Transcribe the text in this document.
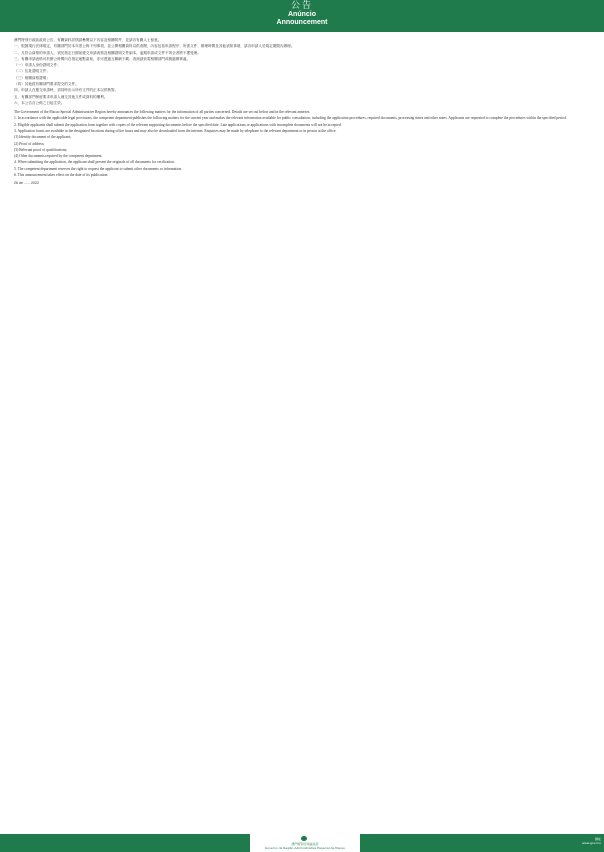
公告
Anúncio
Announcement

澳門特別行政區政府公告，有關資料詳情請參閱以下內容及相關附件，並請各有關人士留意。

一、根據現行法律規定，有關部門於本年度公佈下列事項，並公開相關資料以供查閱，內容包括申請程序、所需文件、辦理時間及其他須知事項，請各申請人於規定期限內辦理。

二、凡符合資格的申請人，須於指定日期前遞交申請表格及相關證明文件副本，逾期申請或文件不齊全者將不獲受理。

三、有關申請表格可於辦公時間內在指定地點索取，亦可透過互聯網下載；查詢請致電相關部門或親臨辦事處。

（一）申請人身份證明文件；

（二）住址證明文件；

（三）相關資格證明；

（四）其他經有關部門要求提交的文件。

四、申請人在遞交申請時，須同時出示所有文件的正本以供核對。

五、有關部門保留要求申請人補交其他文件或資料的權利。

六、本公告自公佈之日起生效。

The Government of the Macao Special Administrative Region hereby announces the following matters for the information of all parties concerned. Details are set out below and in the relevant annexes.

1. In accordance with the applicable legal provisions, the competent department publishes the following matters for the current year and makes the relevant information available for public consultation, including the application procedures, required documents, processing times and other notes. Applicants are requested to complete the procedures within the specified period.

2. Eligible applicants shall submit the application form together with copies of the relevant supporting documents before the specified date. Late applications or applications with incomplete documents will not be accepted.

3. Application forms are available at the designated locations during office hours and may also be downloaded from the internet. Enquiries may be made by telephone to the relevant department or in person at the office.

(1) Identity document of the applicant;

(2) Proof of address;

(3) Relevant proof of qualifications;

(4) Other documents required by the competent department.

4. When submitting the application, the applicant shall present the originals of all documents for verification.

5. The competent department reserves the right to request the applicant to submit other documents or information.

6. This announcement takes effect on the date of its publication.

26 de ...... 2022
澳門特別行政區政府
Governo da Região Administrativa Especial de Macau
網址
www.gov.mo
